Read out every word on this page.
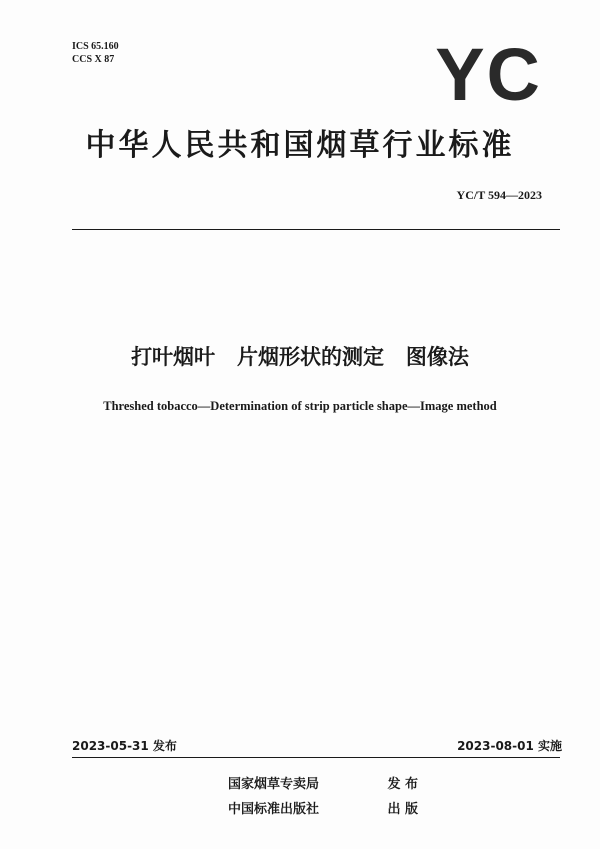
ICS 65.160
CCS X 87	YC
中华人民共和国烟草行业标准
YC/T 594—2023
打叶烟叶   片烟形状的测定   图像法
Threshed tobacco—Determination of strip particle shape—Image method
2023-05-31 发布	2023-08-01 实施
国家烟草专卖局	发 布
中国标准出版社	出 版
